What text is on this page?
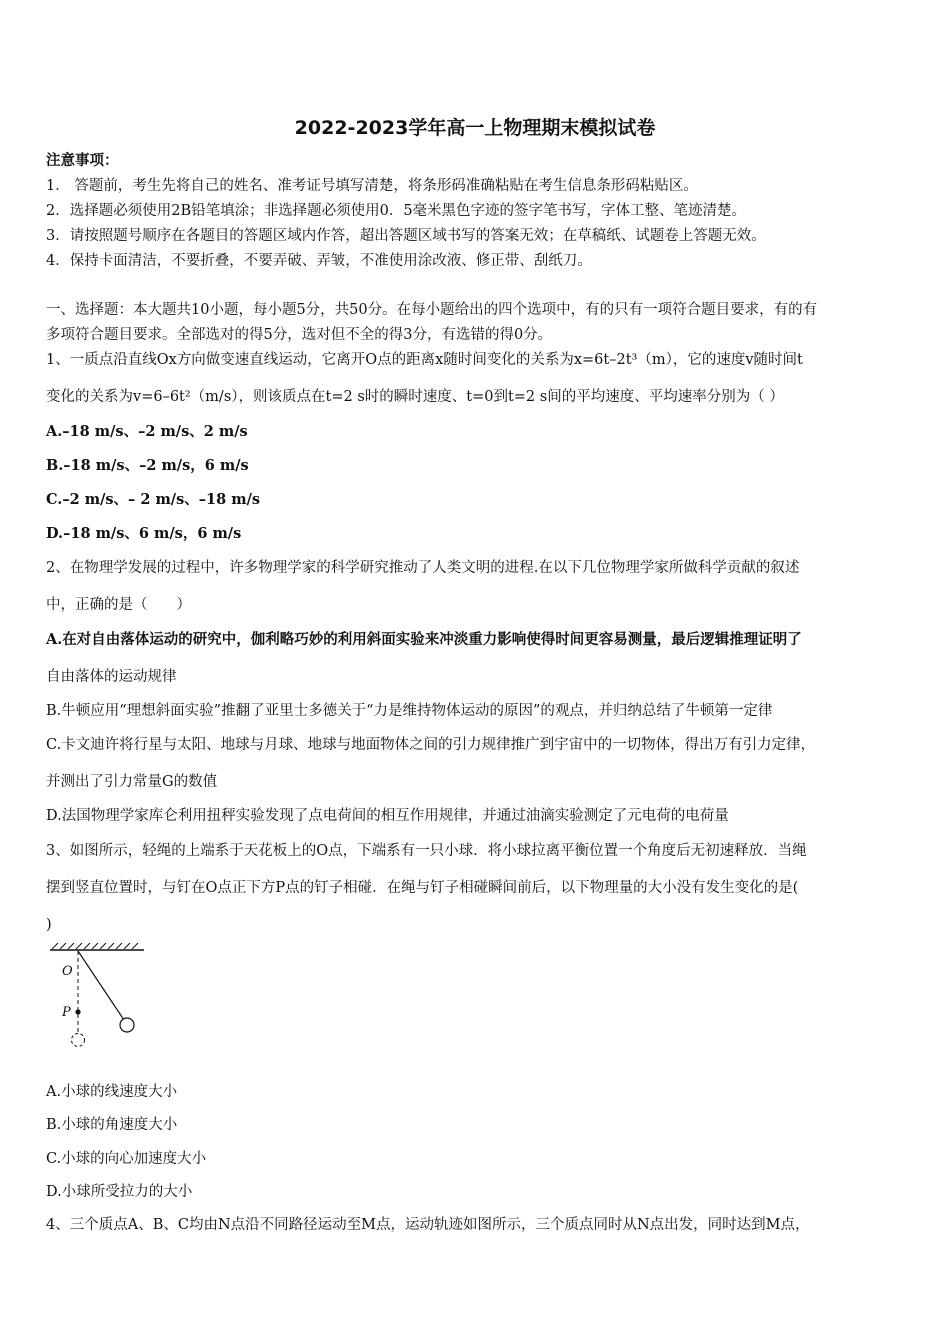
2022-2023学年高一上物理期末模拟试卷
注意事项：
1． 答题前，考生先将自己的姓名、准考证号填写清楚，将条形码准确粘贴在考生信息条形码粘贴区。
2．选择题必须使用2B铅笔填涂；非选择题必须使用0．5毫米黑色字迹的签字笔书写，字体工整、笔迹清楚。
3．请按照题号顺序在各题目的答题区域内作答，超出答题区域书写的答案无效；在草稿纸、试题卷上答题无效。
4．保持卡面清洁，不要折叠，不要弄破、弄皱，不准使用涂改液、修正带、刮纸刀。
一、选择题：本大题共10小题，每小题5分，共50分。在每小题给出的四个选项中，有的只有一项符合题目要求，有的有
多项符合题目要求。全部选对的得5分，选对但不全的得3分，有选错的得0分。
1、一质点沿直线Ox方向做变速直线运动，它离开O点的距离x随时间变化的关系为x=6t–2t³（m），它的速度v随时间t
变化的关系为v=6–6t²（m/s），则该质点在t=2 s时的瞬时速度、t=0到t=2 s间的平均速度、平均速率分别为（ ）
A.–18 m/s、–2 m/s、2 m/s
B.–18 m/s、–2 m/s，6 m/s
C.–2 m/s、– 2 m/s、–18 m/s
D.–18 m/s、6 m/s，6 m/s
2、在物理学发展的过程中，许多物理学家的科学研究推动了人类文明的进程.在以下几位物理学家所做科学贡献的叙述
中，正确的是（　　）
A.在对自由落体运动的研究中，伽利略巧妙的利用斜面实验来冲淡重力影响使得时间更容易测量，最后逻辑推理证明了
自由落体的运动规律
B.牛顿应用“理想斜面实验”推翻了亚里士多德关于“力是维持物体运动的原因”的观点，并归纳总结了牛顿第一定律
C.卡文迪许将行星与太阳、地球与月球、地球与地面物体之间的引力规律推广到宇宙中的一切物体，得出万有引力定律，
并测出了引力常量G的数值
D.法国物理学家库仑利用扭秤实验发现了点电荷间的相互作用规律，并通过油滴实验测定了元电荷的电荷量
3、如图所示，轻绳的上端系于天花板上的O点，下端系有一只小球．将小球拉离平衡位置一个角度后无初速释放．当绳
摆到竖直位置时，与钉在O点正下方P点的钉子相碰．在绳与钉子相碰瞬间前后，以下物理量的大小没有发生变化的是(
)
O
P
A.小球的线速度大小
B.小球的角速度大小
C.小球的向心加速度大小
D.小球所受拉力的大小
4、三个质点A、B、C均由N点沿不同路径运动至M点，运动轨迹如图所示，三个质点同时从N点出发，同时达到M点，
